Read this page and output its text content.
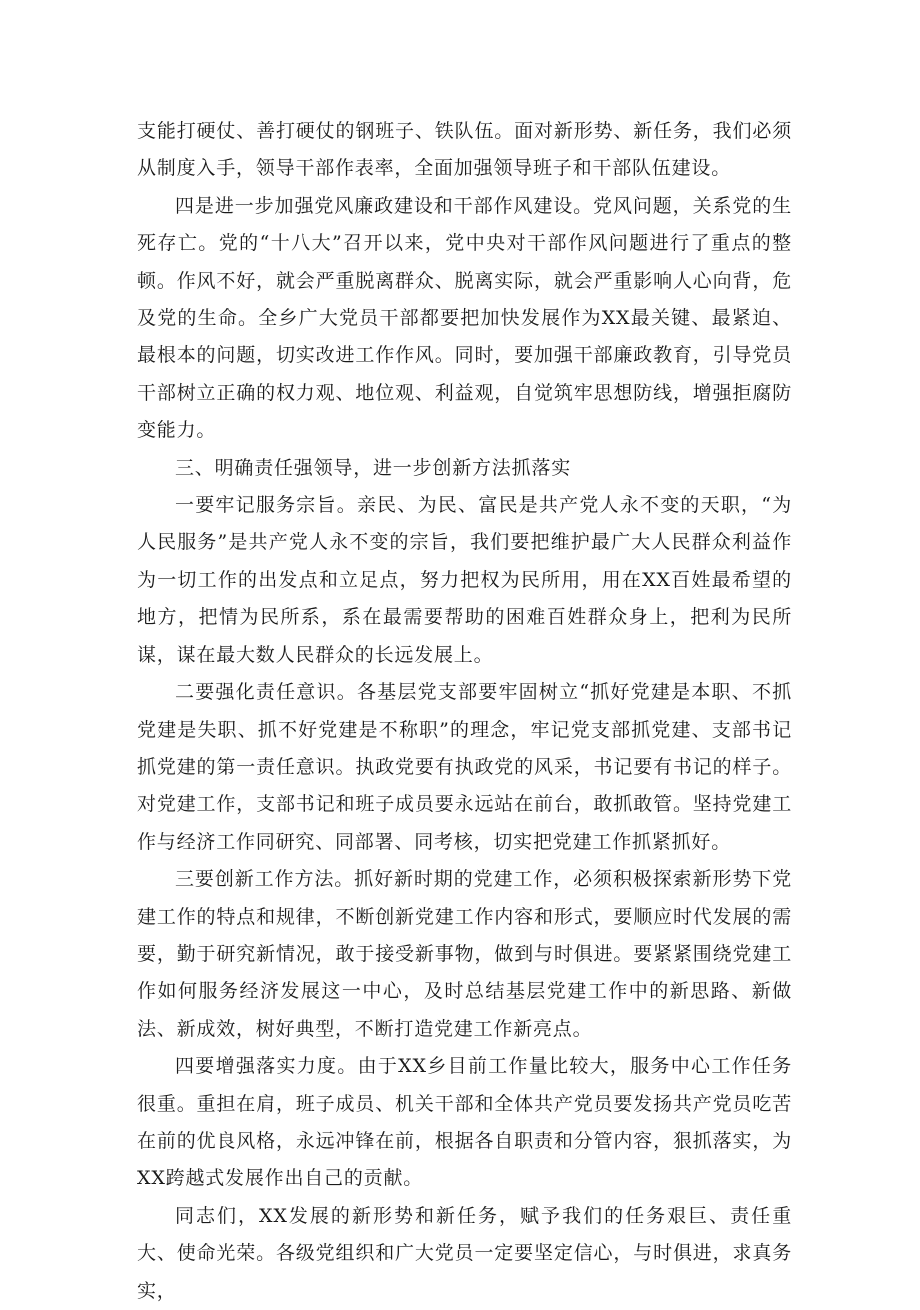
支能打硬仗、善打硬仗的钢班子、铁队伍。面对新形势、新任务，我们必须从制度入手，领导干部作表率，全面加强领导班子和干部队伍建设。

四是进一步加强党风廉政建设和干部作风建设。党风问题，关系党的生死存亡。党的“十八大”召开以来，党中央对干部作风问题进行了重点的整顿。作风不好，就会严重脱离群众、脱离实际，就会严重影响人心向背，危及党的生命。全乡广大党员干部都要把加快发展作为XX最关键、最紧迫、最根本的问题，切实改进工作作风。同时，要加强干部廉政教育，引导党员干部树立正确的权力观、地位观、利益观，自觉筑牢思想防线，增强拒腐防变能力。

三、明确责任强领导，进一步创新方法抓落实

一要牢记服务宗旨。亲民、为民、富民是共产党人永不变的天职，“为人民服务”是共产党人永不变的宗旨，我们要把维护最广大人民群众利益作为一切工作的出发点和立足点，努力把权为民所用，用在XX百姓最希望的地方，把情为民所系，系在最需要帮助的困难百姓群众身上，把利为民所谋，谋在最大数人民群众的长远发展上。

二要强化责任意识。各基层党支部要牢固树立“抓好党建是本职、不抓党建是失职、抓不好党建是不称职”的理念，牢记党支部抓党建、支部书记抓党建的第一责任意识。执政党要有执政党的风采，书记要有书记的样子。对党建工作，支部书记和班子成员要永远站在前台，敢抓敢管。坚持党建工作与经济工作同研究、同部署、同考核，切实把党建工作抓紧抓好。

三要创新工作方法。抓好新时期的党建工作，必须积极探索新形势下党建工作的特点和规律，不断创新党建工作内容和形式，要顺应时代发展的需要，勤于研究新情况，敢于接受新事物，做到与时俱进。要紧紧围绕党建工作如何服务经济发展这一中心，及时总结基层党建工作中的新思路、新做法、新成效，树好典型，不断打造党建工作新亮点。

四要增强落实力度。由于XX乡目前工作量比较大，服务中心工作任务很重。重担在肩，班子成员、机关干部和全体共产党员要发扬共产党员吃苦在前的优良风格，永远冲锋在前，根据各自职责和分管内容，狠抓落实，为XX跨越式发展作出自己的贡献。

同志们，XX发展的新形势和新任务，赋予我们的任务艰巨、责任重大、使命光荣。各级党组织和广大党员一定要坚定信心，与时俱进，求真务实，
